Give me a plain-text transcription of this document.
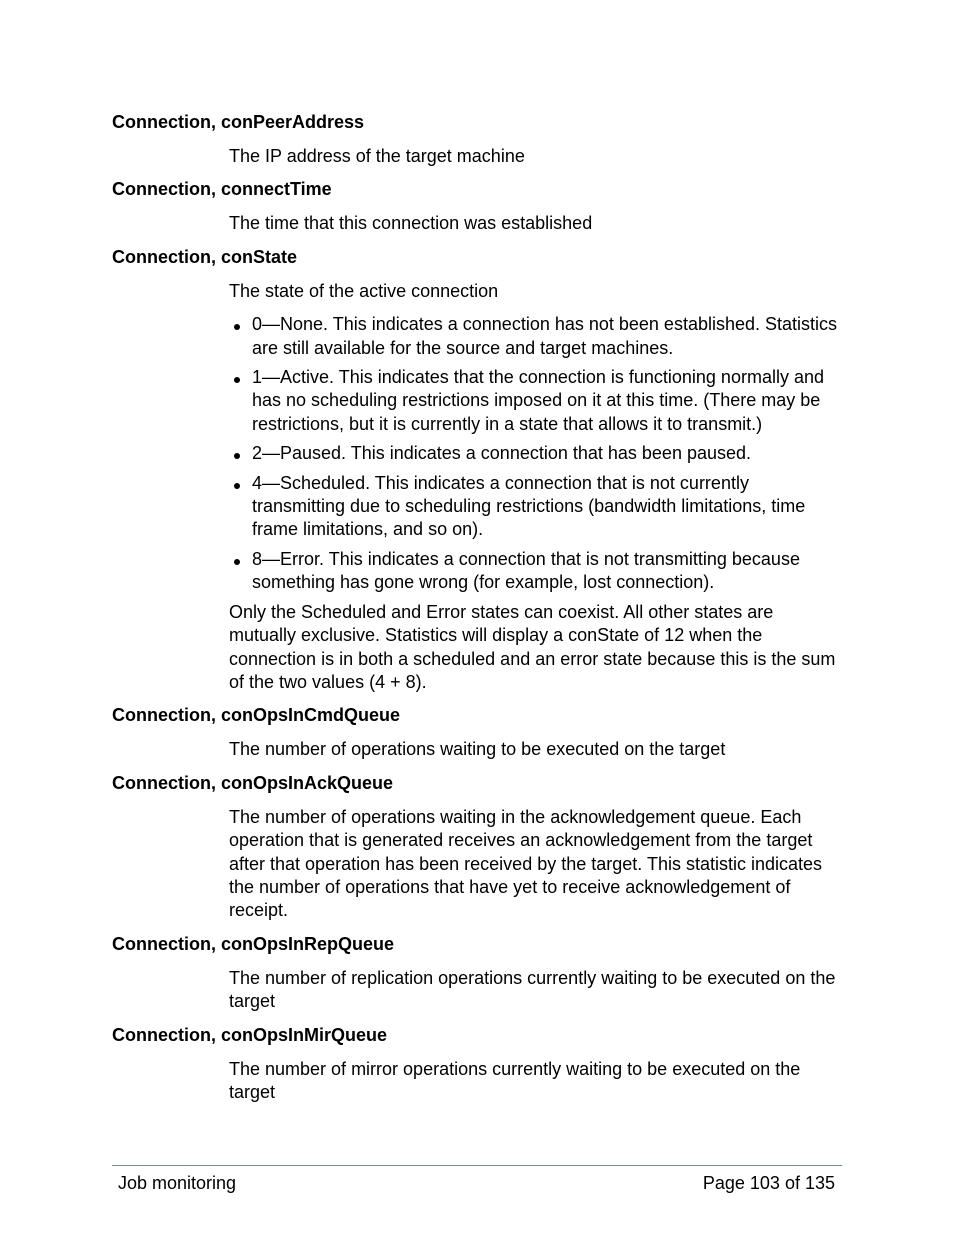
Connection, conPeerAddress

The IP address of the target machine

Connection, connectTime

The time that this connection was established

Connection, conState

The state of the active connection

0—None. This indicates a connection has not been established. Statistics are still available for the source and target machines.
1—Active. This indicates that the connection is functioning normally and has no scheduling restrictions imposed on it at this time. (There may be restrictions, but it is currently in a state that allows it to transmit.)
2—Paused. This indicates a connection that has been paused.
4—Scheduled. This indicates a connection that is not currently transmitting due to scheduling restrictions (bandwidth limitations, time frame limitations, and so on).
8—Error. This indicates a connection that is not transmitting because something has gone wrong (for example, lost connection).

Only the Scheduled and Error states can coexist. All other states are mutually exclusive. Statistics will display a conState of 12 when the connection is in both a scheduled and an error state because this is the sum of the two values (4 + 8).

Connection, conOpsInCmdQueue

The number of operations waiting to be executed on the target

Connection, conOpsInAckQueue

The number of operations waiting in the acknowledgement queue. Each operation that is generated receives an acknowledgement from the target after that operation has been received by the target. This statistic indicates the number of operations that have yet to receive acknowledgement of receipt.

Connection, conOpsInRepQueue

The number of replication operations currently waiting to be executed on the target

Connection, conOpsInMirQueue

The number of mirror operations currently waiting to be executed on the target

Job monitoring	Page 103 of 135
